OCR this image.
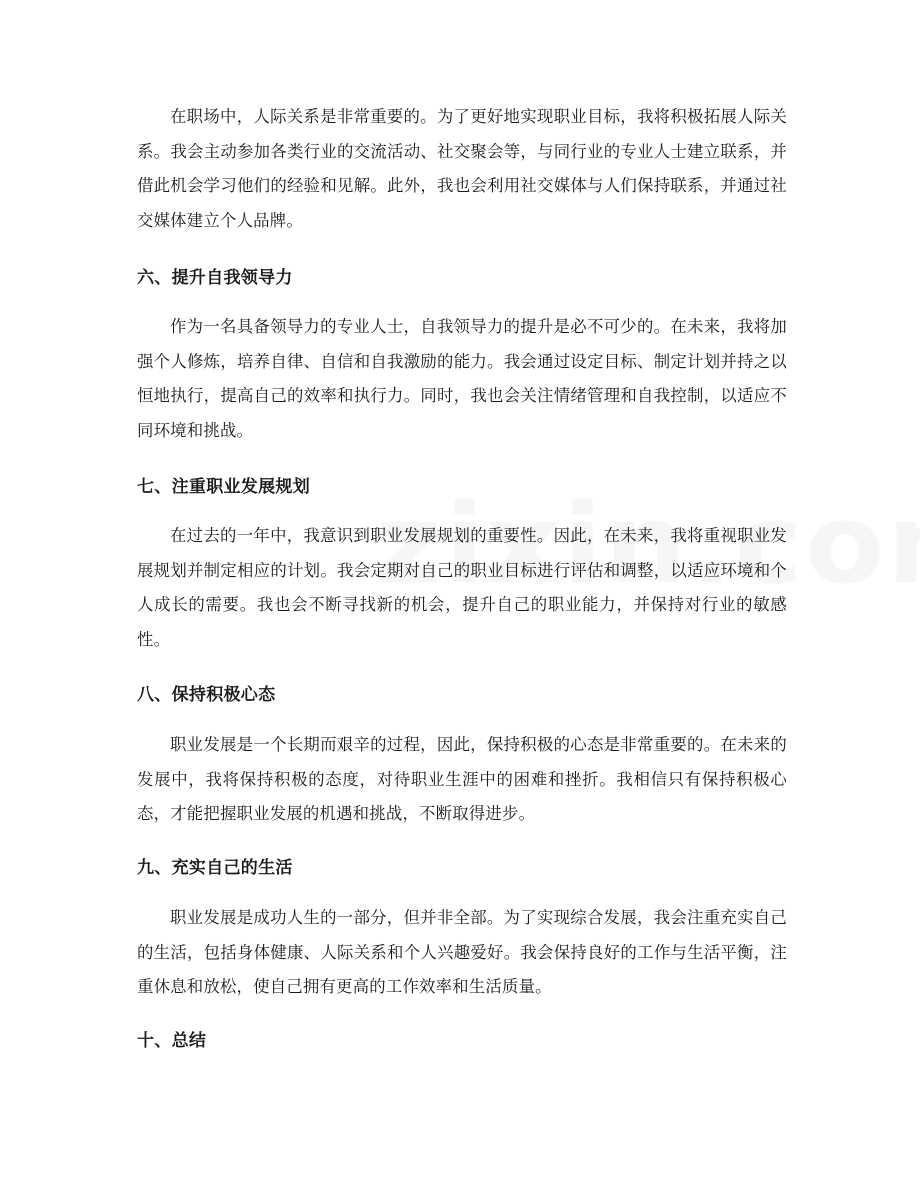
在职场中，人际关系是非常重要的。为了更好地实现职业目标，我将积极拓展人际关系。我会主动参加各类行业的交流活动、社交聚会等，与同行业的专业人士建立联系，并借此机会学习他们的经验和见解。此外，我也会利用社交媒体与人们保持联系，并通过社交媒体建立个人品牌。

六、提升自我领导力

作为一名具备领导力的专业人士，自我领导力的提升是必不可少的。在未来，我将加强个人修炼，培养自律、自信和自我激励的能力。我会通过设定目标、制定计划并持之以恒地执行，提高自己的效率和执行力。同时，我也会关注情绪管理和自我控制，以适应不同环境和挑战。

七、注重职业发展规划

在过去的一年中，我意识到职业发展规划的重要性。因此，在未来，我将重视职业发展规划并制定相应的计划。我会定期对自己的职业目标进行评估和调整，以适应环境和个人成长的需要。我也会不断寻找新的机会，提升自己的职业能力，并保持对行业的敏感性。

八、保持积极心态

职业发展是一个长期而艰辛的过程，因此，保持积极的心态是非常重要的。在未来的发展中，我将保持积极的态度，对待职业生涯中的困难和挫折。我相信只有保持积极心态，才能把握职业发展的机遇和挑战，不断取得进步。

九、充实自己的生活

职业发展是成功人生的一部分，但并非全部。为了实现综合发展，我会注重充实自己的生活，包括身体健康、人际关系和个人兴趣爱好。我会保持良好的工作与生活平衡，注重休息和放松，使自己拥有更高的工作效率和生活质量。

十、总结
